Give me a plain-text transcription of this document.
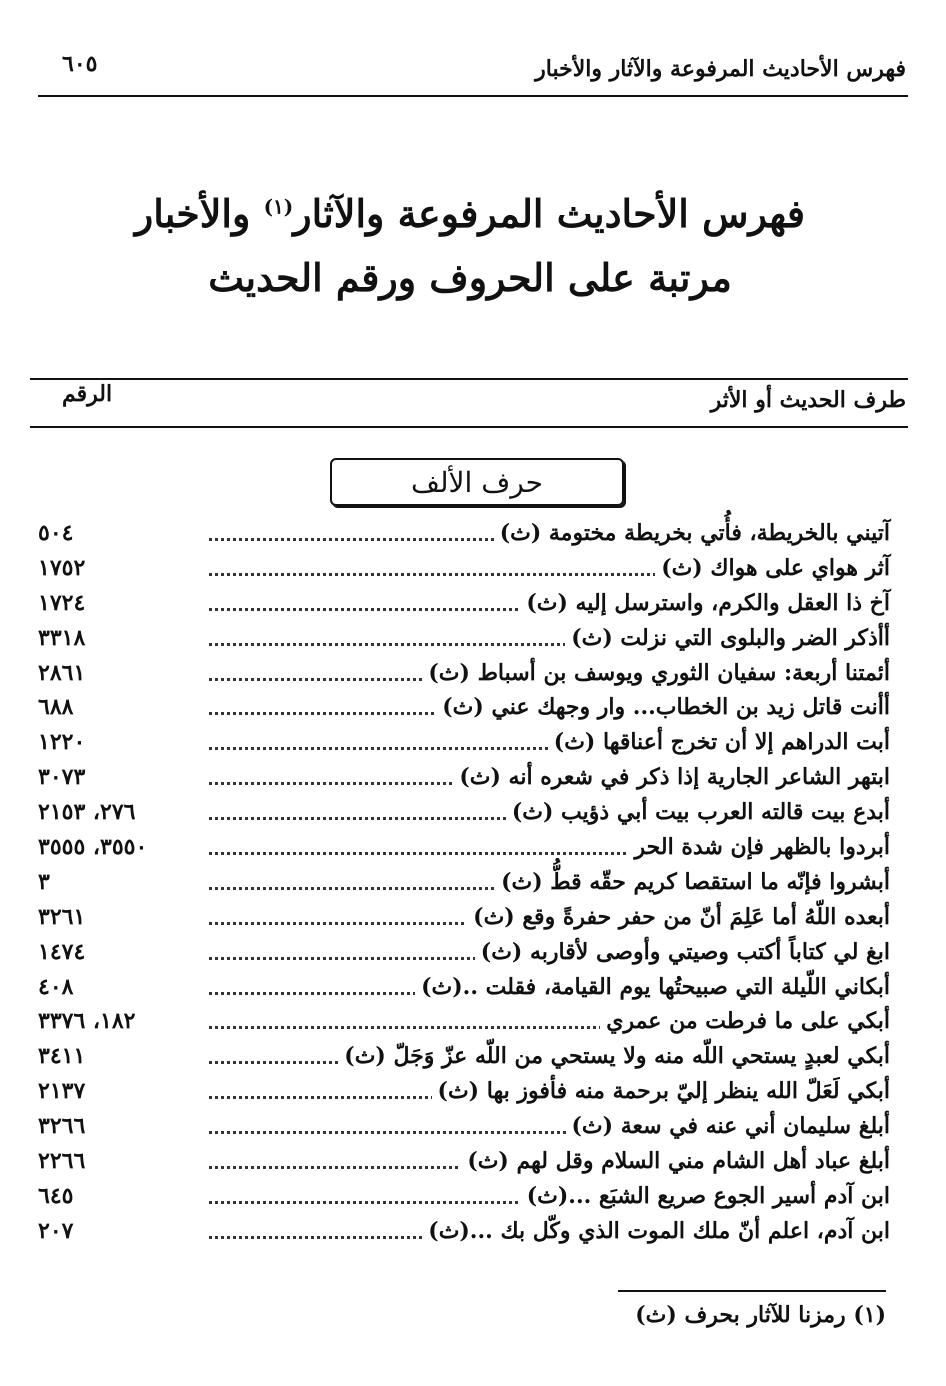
٦٠٥	فهرس الأحاديث المرفوعة والآثار والأخبار
فهرس الأحاديث المرفوعة والآثار$^{(١)}$ والأخبار
مرتبة على الحروف ورقم الحديث
طرف الحديث أو الأثر
الرقم
حرف الألف
٥٠٤	آتيني بالخريطة، فأُتي بخريطة مختومة (ث)
١٧٥٢	آثر هواي على هواك (ث)
١٧٢٤	آخ ذا العقل والكرم، واسترسل إليه (ث)
٣٣١٨	أأذكر الضر والبلوى التي نزلت (ث)
٢٨٦١	أئمتنا أربعة: سفيان الثوري ويوسف بن أسباط (ث)
٦٨٨	أأنت قاتل زيد بن الخطاب... وار وجهك عني (ث)
١٢٢٠	أبت الدراهم إلا أن تخرج أعناقها (ث)
٣٠٧٣	ابتهر الشاعر الجارية إذا ذكر في شعره أنه (ث)
٢٧٦، ٢١٥٣	أبدع بيت قالته العرب بيت أبي ذؤيب (ث)
٣٥٥٠، ٣٥٥٥	أبردوا بالظهر فإن شدة الحر
٣	أبشروا فإنّه ما استقصا كريم حقّه قطُّ (ث)
٣٢٦١	أبعده اللّهُ أما عَلِمَ أنّ من حفر حفرةً وقع (ث)
١٤٧٤	ابغ لي كتاباً أكتب وصيتي وأوصى لأقاربه (ث)
٤٠٨	أبكاني اللّيلة التي صبيحتُها يوم القيامة، فقلت ..(ث)
١٨٢، ٣٣٧٦	أبكي على ما فرطت من عمري
٣٤١١	أبكي لعبدٍ يستحي اللّه منه ولا يستحي من اللّه عزّ وَجَلّ (ث)
٢١٣٧	أبكي لَعَلّ الله ينظر إليّ برحمة منه فأفوز بها (ث)
٣٢٦٦	أبلغ سليمان أني عنه في سعة (ث)
٢٢٦٦	أبلغ عباد أهل الشام مني السلام وقل لهم (ث)
٦٤٥	ابن آدم أسير الجوع صريع الشبَع ...(ث)
٢٠٧	ابن آدم، اعلم أنّ ملك الموت الذي وكّل بك ...(ث)
(١) رمزنا للآثار بحرف (ث)
